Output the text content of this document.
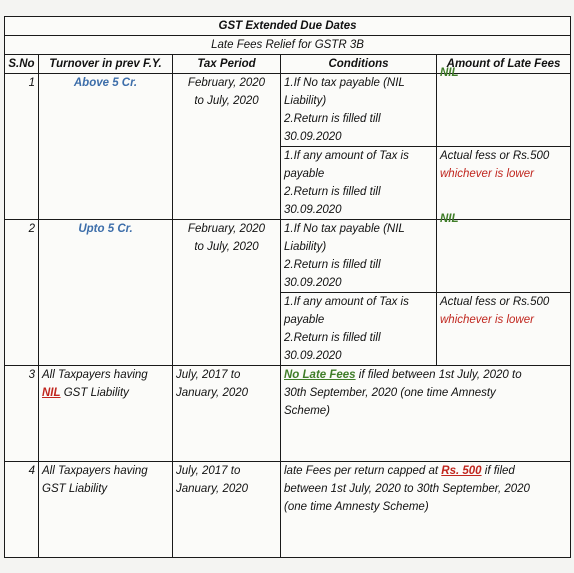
GST Extended Due Dates				
Late Fees Relief for GSTR 3B				
S.No	Turnover in prev F.Y.	Tax Period	Conditions	Amount of Late Fees
1	Above 5 Cr.	February, 2020
to July, 2020	1.If No tax payable (NIL
Liability)
2.Return is filled till
30.09.2020	NIL

			1.If any amount of Tax is
payable
2.Return is filled till
30.09.2020	Actual fess or Rs.500
whichever is lower
2	Upto 5 Cr.	February, 2020
to July, 2020	1.If No tax payable (NIL
Liability)
2.Return is filled till
30.09.2020	NIL

			1.If any amount of Tax is
payable
2.Return is filled till
30.09.2020	Actual fess or Rs.500
whichever is lower
3	All Taxpayers having
NIL GST Liability	July, 2017 to
January, 2020	No Late Fees if filed between 1st July, 2020 to
30th September, 2020 (one time Amnesty
Scheme)	
4	All Taxpayers having
GST Liability	July, 2017 to
January, 2020	late Fees per return capped at Rs. 500 if filed
between 1st July, 2020 to 30th September, 2020
(one time Amnesty Scheme)	
